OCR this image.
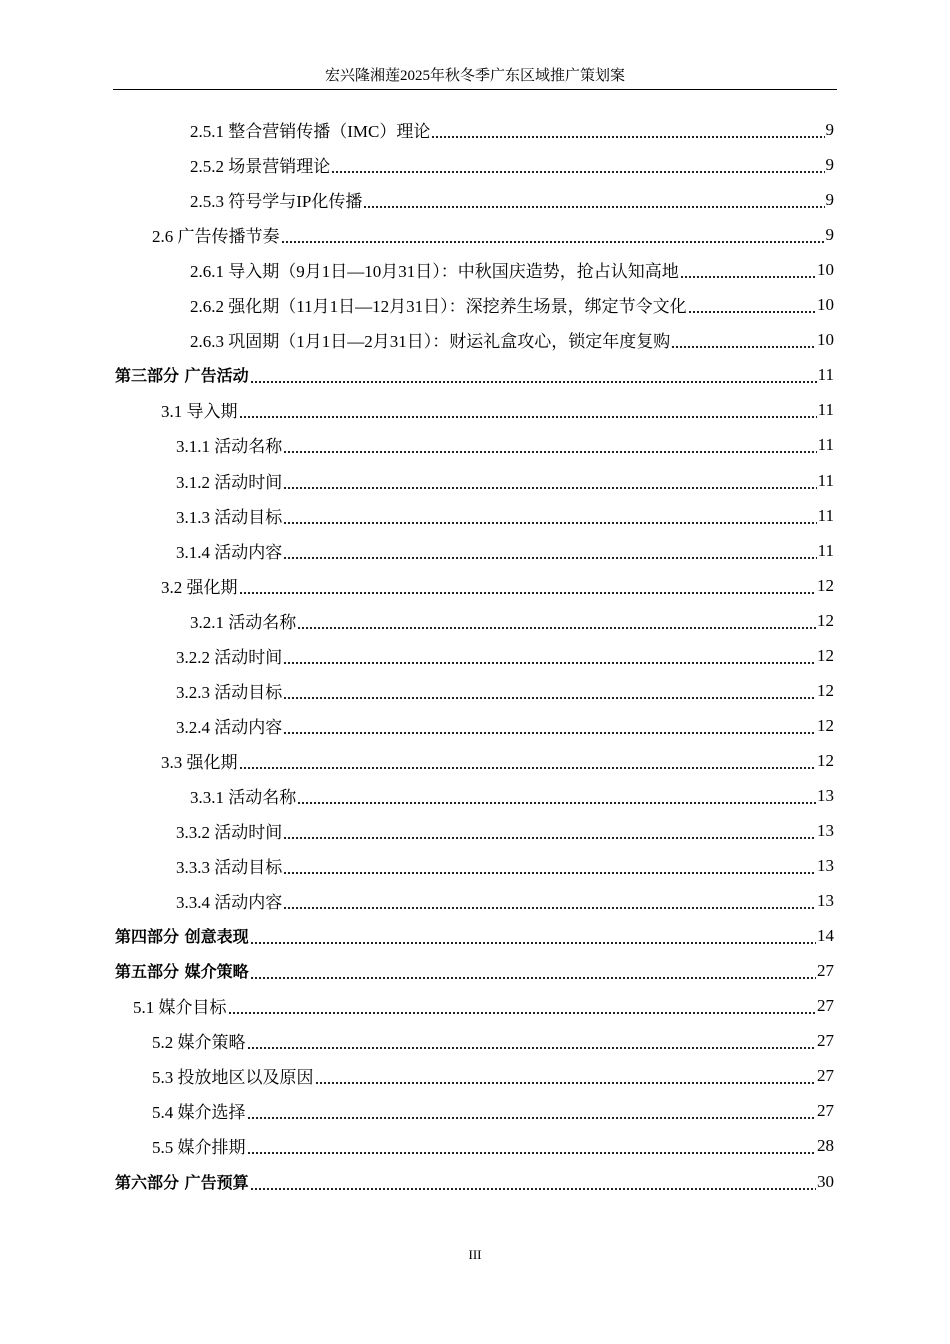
宏兴隆湘莲2025年秋冬季广东区域推广策划案
2.5.1 整合营销传播（IMC）理论	9
2.5.2 场景营销理论	9
2.5.3 符号学与IP化传播	9
2.6 广告传播节奏	9
2.6.1 导入期（9月1日—10月31日）：中秋国庆造势，抢占认知高地	10
2.6.2 强化期（11月1日—12月31日）：深挖养生场景，绑定节令文化	10
2.6.3 巩固期（1月1日—2月31日）：财运礼盒攻心，锁定年度复购	10
第三部分 广告活动	11
3.1 导入期	11
3.1.1 活动名称	11
3.1.2 活动时间	11
3.1.3 活动目标	11
3.1.4 活动内容	11
3.2 强化期	12
3.2.1 活动名称	12
3.2.2 活动时间	12
3.2.3 活动目标	12
3.2.4 活动内容	12
3.3 强化期	12
3.3.1 活动名称	13
3.3.2 活动时间	13
3.3.3 活动目标	13
3.3.4 活动内容	13
第四部分 创意表现	14
第五部分 媒介策略	27
5.1 媒介目标	27
5.2 媒介策略	27
5.3 投放地区以及原因	27
5.4 媒介选择	27
5.5 媒介排期	28
第六部分 广告预算	30
III
